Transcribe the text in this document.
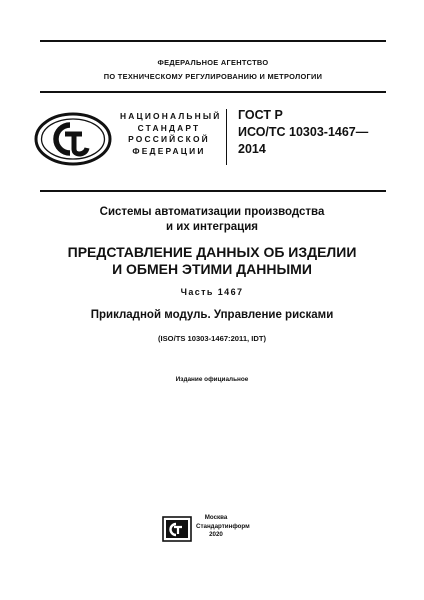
ФЕДЕРАЛЬНОЕ АГЕНТСТВО
ПО ТЕХНИЧЕСКОМУ РЕГУЛИРОВАНИЮ И МЕТРОЛОГИИ
НАЦИОНАЛЬНЫЙ
СТАНДАРТ
РОССИЙСКОЙ
ФЕДЕРАЦИИ
ГОСТ Р
ИСО/ТС 10303-1467—
2014
Системы автоматизации производства
и их интеграция
ПРЕДСТАВЛЕНИЕ ДАННЫХ ОБ ИЗДЕЛИИ
И ОБМЕН ЭТИМИ ДАННЫМИ
Часть 1467
Прикладной модуль. Управление рисками
(ISO/TS 10303-1467:2011, IDT)
Издание официальное
Москва
Стандартинформ
2020
